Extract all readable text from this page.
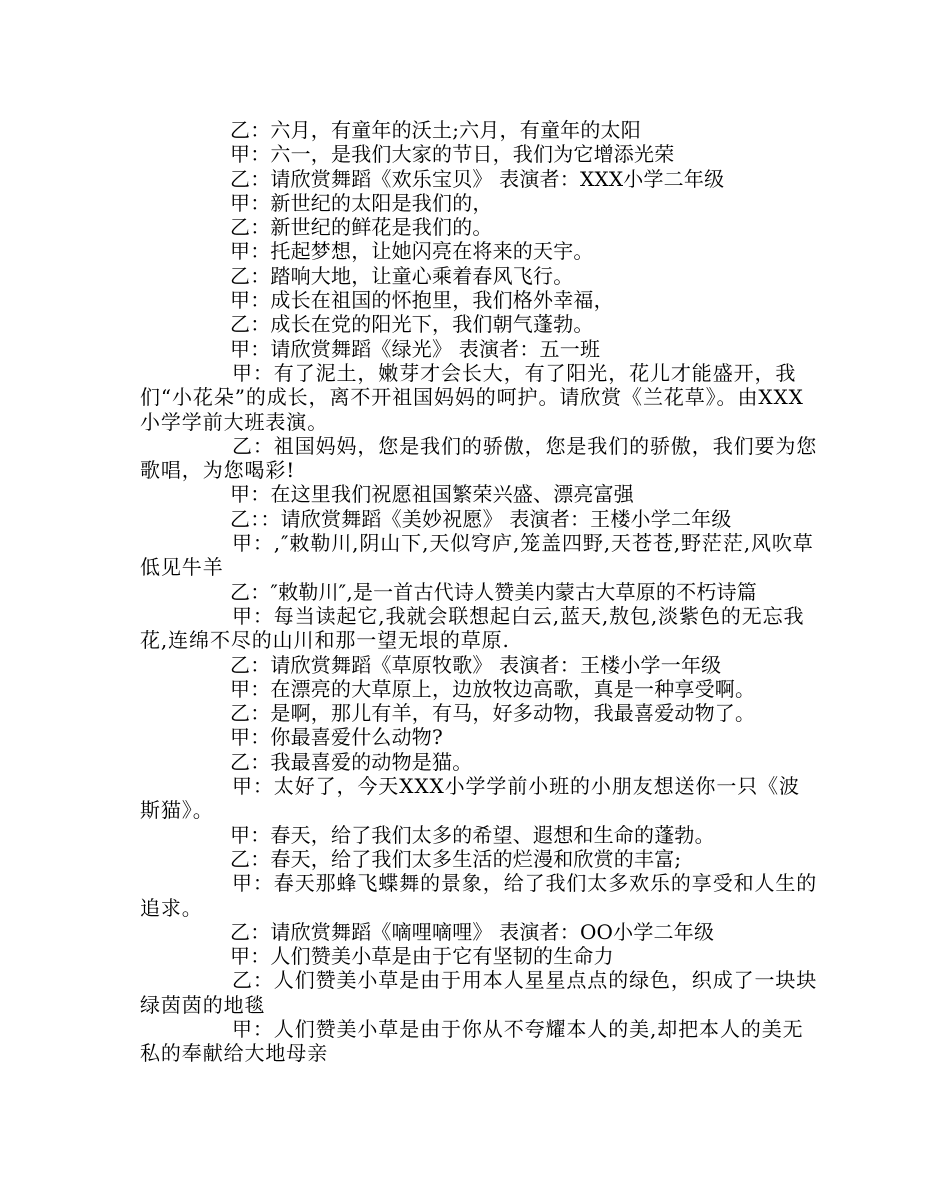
乙：六月，有童年的沃土;六月，有童年的太阳

甲：六一，是我们大家的节日，我们为它增添光荣

乙：请欣赏舞蹈《欢乐宝贝》 表演者：XXX小学二年级

甲：新世纪的太阳是我们的，

乙：新世纪的鲜花是我们的。

甲：托起梦想，让她闪亮在将来的天宇。

乙：踏响大地，让童心乘着春风飞行。

甲：成长在祖国的怀抱里，我们格外幸福，

乙：成长在党的阳光下，我们朝气蓬勃。

甲：请欣赏舞蹈《绿光》 表演者：五一班

甲：有了泥土，嫩芽才会长大，有了阳光，花儿才能盛开，我们“小花朵”的成长，离不开祖国妈妈的呵护。请欣赏《兰花草》。由XXX小学学前大班表演。

乙：祖国妈妈，您是我们的骄傲，您是我们的骄傲，我们要为您歌唱，为您喝彩!

甲：在这里我们祝愿祖国繁荣兴盛、漂亮富强

乙：：请欣赏舞蹈《美妙祝愿》 表演者：王楼小学二年级

甲：,″敕勒川,阴山下,天似穹庐,笼盖四野,天苍苍,野茫茫,风吹草低见牛羊

乙：″敕勒川″,是一首古代诗人赞美内蒙古大草原的不朽诗篇

甲：每当读起它,我就会联想起白云,蓝天,敖包,淡紫色的无忘我花,连绵不尽的山川和那一望无垠的草原.

乙：请欣赏舞蹈《草原牧歌》 表演者：王楼小学一年级

甲：在漂亮的大草原上，边放牧边高歌，真是一种享受啊。

乙：是啊，那儿有羊，有马，好多动物，我最喜爱动物了。

甲：你最喜爱什么动物?

乙：我最喜爱的动物是猫。

甲：太好了，今天XXX小学学前小班的小朋友想送你一只《波斯猫》。

甲：春天，给了我们太多的希望、遐想和生命的蓬勃。

乙：春天，给了我们太多生活的烂漫和欣赏的丰富;

甲：春天那蜂飞蝶舞的景象，给了我们太多欢乐的享受和人生的追求。

乙：请欣赏舞蹈《嘀哩嘀哩》 表演者：OO小学二年级

甲：人们赞美小草是由于它有坚韧的生命力

乙：人们赞美小草是由于用本人星星点点的绿色，织成了一块块绿茵茵的地毯

甲：人们赞美小草是由于你从不夸耀本人的美,却把本人的美无私的奉献给大地母亲
